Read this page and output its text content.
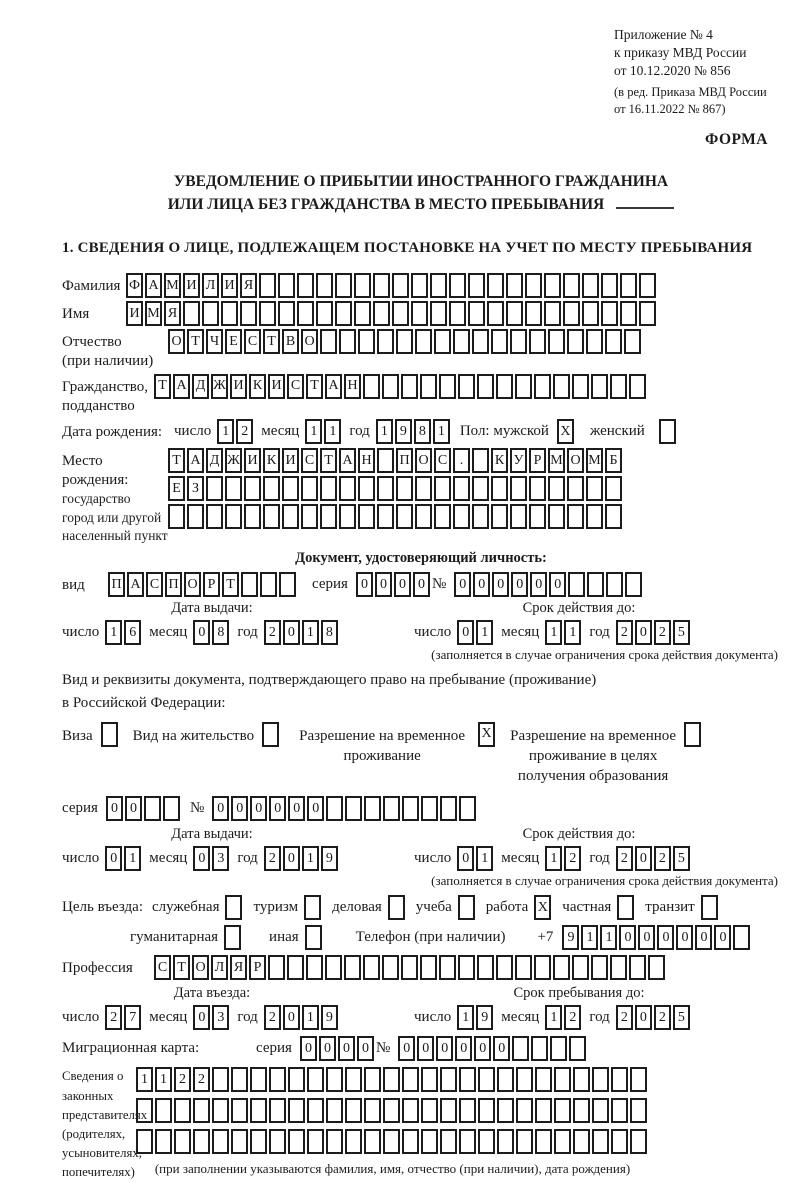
Приложение № 4
к приказу МВД России
от 10.12.2020 № 856
(в ред. Приказа МВД России
от 16.11.2022 № 867)
ФОРМА
УВЕДОМЛЕНИЕ О ПРИБЫТИИ ИНОСТРАННОГО ГРАЖДАНИНА
ИЛИ ЛИЦА БЕЗ ГРАЖДАНСТВА В МЕСТО ПРЕБЫВАНИЯ
1. СВЕДЕНИЯ О ЛИЦЕ, ПОДЛЕЖАЩЕМ ПОСТАНОВКЕ НА УЧЕТ ПО МЕСТУ ПРЕБЫВАНИЯ
Фамилия Ф А М И Л И Я
Имя	И М Я
Отчество
(при наличии)
О Т Ч Е С Т В О
Гражданство,
подданство
Т А Д Ж И К И С Т А Н
Дата рождения: число 1 2 месяц 1 1 год 1 9 8 1	Пол: мужской X женский
Место рождения:
государство
город или другой
населенный пункт
Т А Д Ж И К И С Т А Н П О С .	К У Р М О М Б
Е З
Документ, удостоверяющий личность:
вид	П А С П О Р Т	серия 0 0 0 0 № 0 0 0 0 0 0
Дата выдачи:
число 1 6 месяц 0 8 год 2 0 1 8
Срок действия до:
число 0 1 месяц 1 1 год 2 0 2 5
(заполняется в случае ограничения срока действия документа)
Вид и реквизиты документа, подтверждающего право на пребывание (проживание)
в Российской Федерации:
Виза	Вид на жительство	Разрешение на временное проживание
X Разрешение на временное проживание в целях получения образования
серия 0 0	№ 0 0 0 0 0 0
Дата выдачи:
число 0 1 месяц 0 3 год 2 0 1 9
Срок действия до:
число 0 1 месяц 1 2 год 2 0 2 5
(заполняется в случае ограничения срока действия документа)
Цель въезда: служебная туризм деловая учеба работа X частная транзит
гуманитарная	иная	Телефон (при наличии) +7	9 1 1 0 0 0 0 0 0
Профессия	С Т О Л Я Р
Дата въезда:
число 2 7 месяц 0 3 год 2 0 1 9
Срок пребывания до:
число 1 9 месяц 1 2 год 2 0 2 5
Миграционная карта:	серия 0 0 0 0 № 0 0 0 0 0 0
Сведения о
законных
представителях
(родителях,
усыновителях,
попечителях)
1 1 2 2
(при заполнении указываются фамилия, имя, отчество (при наличии), дата рождения)
